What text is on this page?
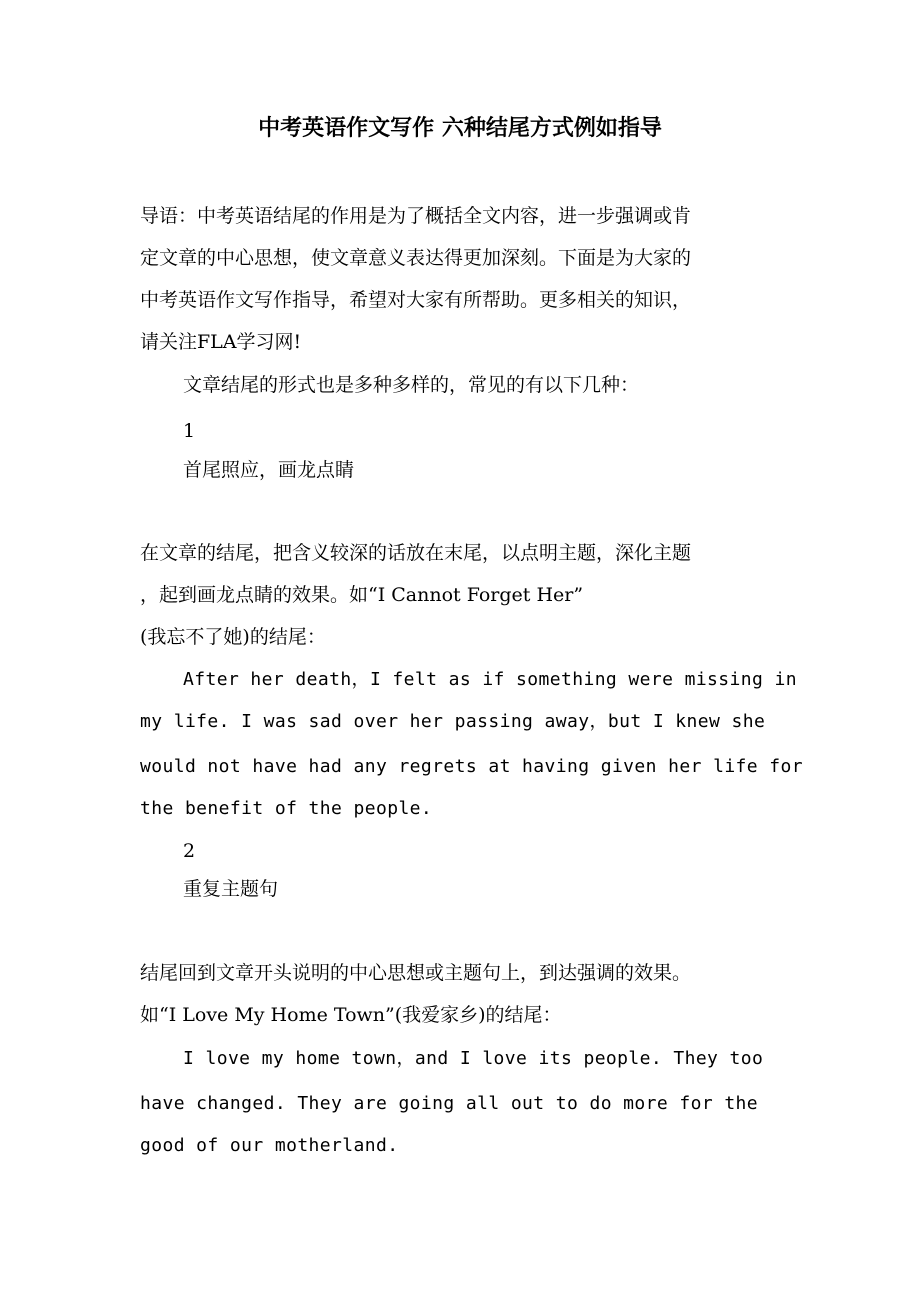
中考英语作文写作 六种结尾方式例如指导
导语：中考英语结尾的作用是为了概括全文内容，进一步强调或肯
定文章的中心思想，使文章意义表达得更加深刻。下面是为大家的
中考英语作文写作指导，希望对大家有所帮助。更多相关的知识，
请关注FLA学习网!
文章结尾的形式也是多种多样的，常见的有以下几种：
1
首尾照应，画龙点睛
在文章的结尾，把含义较深的话放在末尾，以点明主题，深化主题
，起到画龙点睛的效果。如“I Cannot Forget Her”
(我忘不了她)的结尾：
After her death，I felt as if something were missing in
my life. I was sad over her passing away，but I knew she
would not have had any regrets at having given her life for
the benefit of the people.
2
重复主题句
结尾回到文章开头说明的中心思想或主题句上，到达强调的效果。
如“I Love My Home Town”(我爱家乡)的结尾：
I love my home town，and I love its people. They too
have changed. They are going all out to do more for the
good of our motherland.
